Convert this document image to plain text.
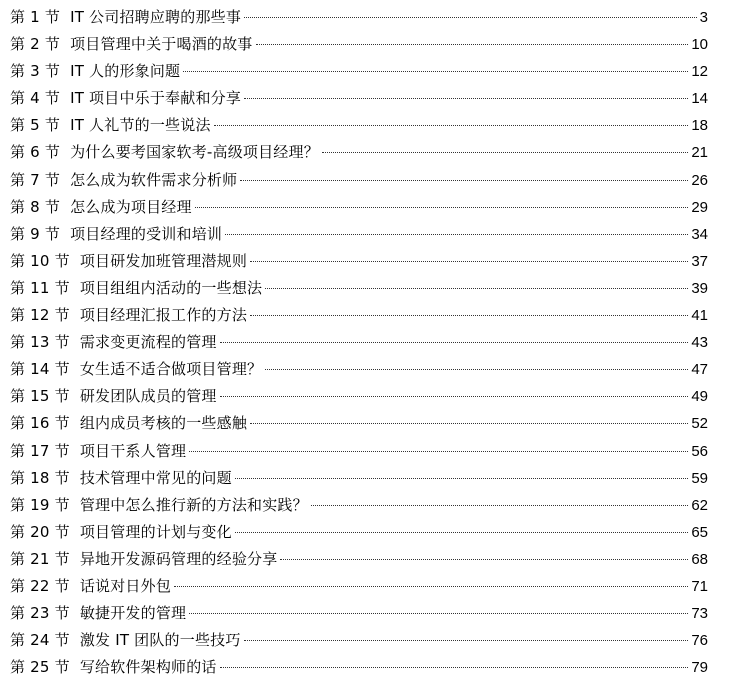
第 1 节 IT 公司招聘应聘的那些事	3
第 2 节 项目管理中关于喝酒的故事	10
第 3 节 IT 人的形象问题	12
第 4 节 IT 项目中乐于奉献和分享	14
第 5 节 IT 人礼节的一些说法	18
第 6 节 为什么要考国家软考-高级项目经理？	21
第 7 节 怎么成为软件需求分析师	26
第 8 节 怎么成为项目经理	29
第 9 节 项目经理的受训和培训	34
第 10 节 项目研发加班管理潜规则	37
第 11 节 项目组组内活动的一些想法	39
第 12 节 项目经理汇报工作的方法	41
第 13 节 需求变更流程的管理	43
第 14 节 女生适不适合做项目管理？	47
第 15 节 研发团队成员的管理	49
第 16 节 组内成员考核的一些感触	52
第 17 节 项目干系人管理	56
第 18 节 技术管理中常见的问题	59
第 19 节 管理中怎么推行新的方法和实践？	62
第 20 节 项目管理的计划与变化	65
第 21 节 异地开发源码管理的经验分享	68
第 22 节 话说对日外包	71
第 23 节 敏捷开发的管理	73
第 24 节 激发 IT 团队的一些技巧	76
第 25 节 写给软件架构师的话	79
